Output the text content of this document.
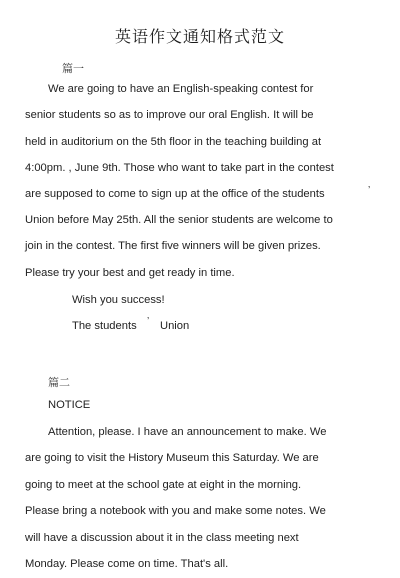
英语作文通知格式范文
篇一
We are going to have an English-speaking contest for
senior students so as to improve our oral English. It will be
held in auditorium on the 5th floor in the teaching building at
4:00pm. , June 9th. Those who want to take part in the contest
are supposed to come to sign up at the office of the students	’
Union before May 25th. All the senior students are welcome to
join in the contest. The first five winners will be given prizes.
Please try your best and get ready in time.
Wish you success!
The students ’ Union
篇二
NOTICE
Attention, please. I have an announcement to make. We
are going to visit the History Museum this Saturday. We are
going to meet at the school gate at eight in the morning.
Please bring a notebook with you and make some notes. We
will have a discussion about it in the class meeting next
Monday. Please come on time. That's all.
